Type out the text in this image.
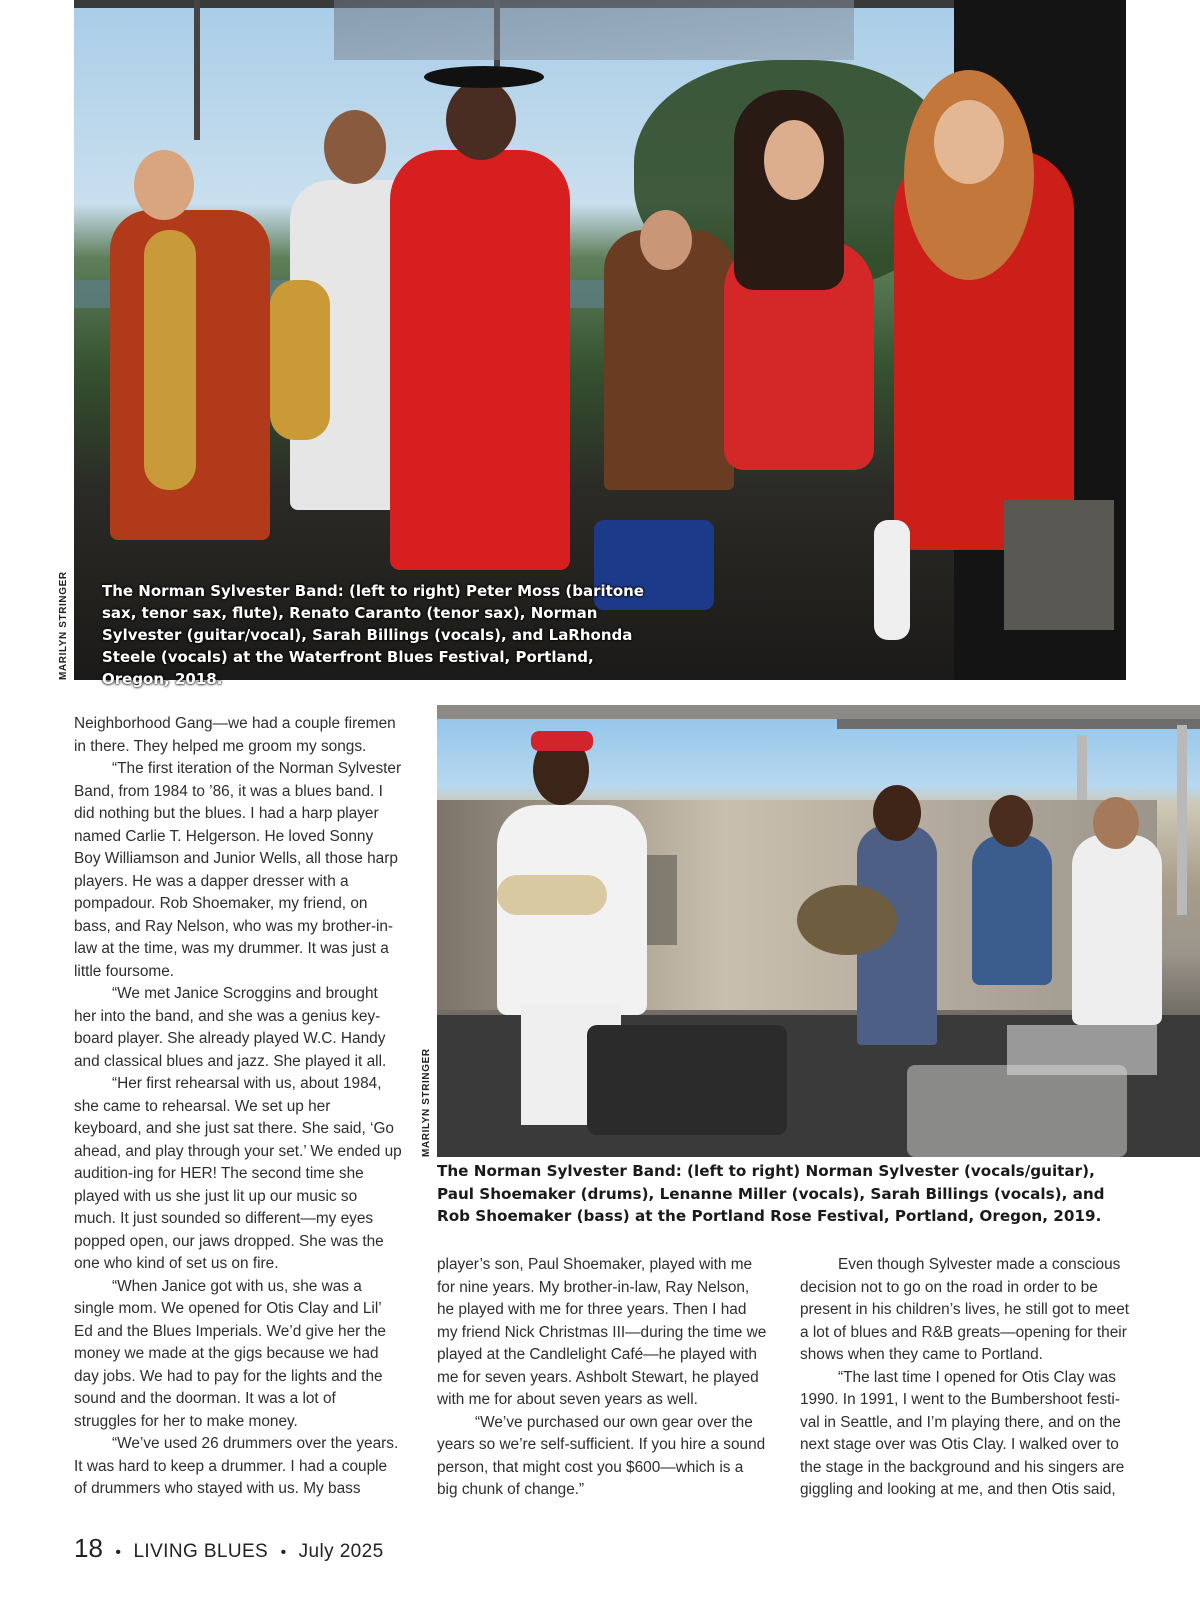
The Norman Sylvester Band: (left to right) Peter Moss (baritone sax, tenor sax, flute), Renato Caranto (tenor sax), Norman Sylvester (guitar/vocal), Sarah Billings (vocals), and LaRhonda Steele (vocals) at the Waterfront Blues Festival, Portland, Oregon, 2018.
MARILYN STRINGER
MARILYN STRINGER
The Norman Sylvester Band: (left to right) Norman Sylvester (vocals/guitar), Paul Shoemaker (drums), Lenanne Miller (vocals), Sarah Billings (vocals), and Rob Shoemaker (bass) at the Portland Rose Festival, Portland, Oregon, 2019.

Neighborhood Gang—we had a couple firemen in there. They helped me groom my songs.

“The first iteration of the Norman Sylvester Band, from 1984 to ’86, it was a blues band. I did nothing but the blues. I had a harp player named Carlie T. Helgerson. He loved Sonny Boy Williamson and Junior Wells, all those harp players. He was a dapper dresser with a pompadour. Rob Shoemaker, my friend, on bass, and Ray Nelson, who was my brother-in-law at the time, was my drummer. It was just a little foursome.

“We met Janice Scroggins and brought her into the band, and she was a genius key-board player. She already played W.C. Handy and classical blues and jazz. She played it all.

“Her first rehearsal with us, about 1984, she came to rehearsal. We set up her keyboard, and she just sat there. She said, ‘Go ahead, and play through your set.’ We ended up audition-ing for HER! The second time she played with us she just lit up our music so much. It just sounded so different—my eyes popped open, our jaws dropped. She was the one who kind of set us on fire.

“When Janice got with us, she was a single mom. We opened for Otis Clay and Lil’ Ed and the Blues Imperials. We’d give her the money we made at the gigs because we had day jobs. We had to pay for the lights and the sound and the doorman. It was a lot of struggles for her to make money.

“We’ve used 26 drummers over the years. It was hard to keep a drummer. I had a couple of drummers who stayed with us. My bass

player’s son, Paul Shoemaker, played with me for nine years. My brother-in-law, Ray Nelson, he played with me for three years. Then I had my friend Nick Christmas III—during the time we played at the Candlelight Café—he played with me for seven years. Ashbolt Stewart, he played with me for about seven years as well.

“We’ve purchased our own gear over the years so we’re self-sufficient. If you hire a sound person, that might cost you $600—which is a big chunk of change.”

Even though Sylvester made a conscious decision not to go on the road in order to be present in his children’s lives, he still got to meet a lot of blues and R&B greats—opening for their shows when they came to Portland.

“The last time I opened for Otis Clay was 1990. In 1991, I went to the Bumbershoot festi-val in Seattle, and I’m playing there, and on the next stage over was Otis Clay. I walked over to the stage in the background and his singers are giggling and looking at me, and then Otis said,

18 • LIVING BLUES • July 2025
